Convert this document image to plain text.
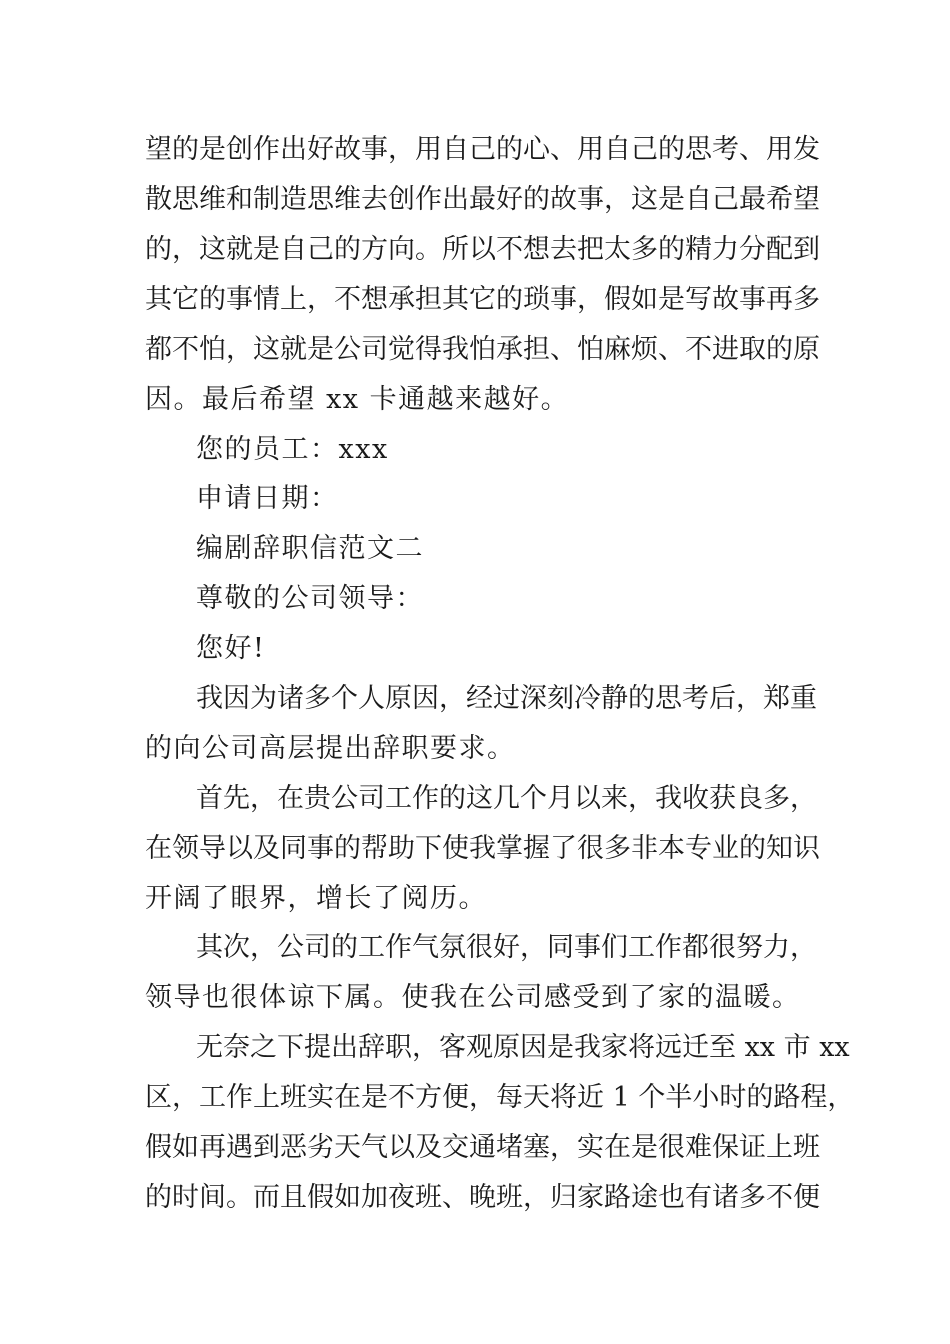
望的是创作出好故事，用自己的心、用自己的思考、用发
散思维和制造思维去创作出最好的故事，这是自己最希望
的，这就是自己的方向。所以不想去把太多的精力分配到
其它的事情上，不想承担其它的琐事，假如是写故事再多
都不怕，这就是公司觉得我怕承担、怕麻烦、不进取的原
因。最后希望 xx 卡通越来越好。
您的员工：xxx
申请日期：
编剧辞职信范文二
尊敬的公司领导：
您好!
我因为诸多个人原因，经过深刻冷静的思考后，郑重
的向公司高层提出辞职要求。
首先，在贵公司工作的这几个月以来，我收获良多，
在领导以及同事的帮助下使我掌握了很多非本专业的知识
开阔了眼界，增长了阅历。
其次，公司的工作气氛很好，同事们工作都很努力，
领导也很体谅下属。使我在公司感受到了家的温暖。
无奈之下提出辞职，客观原因是我家将远迁至 xx 市 xx
区，工作上班实在是不方便，每天将近 1 个半小时的路程，
假如再遇到恶劣天气以及交通堵塞，实在是很难保证上班
的时间。而且假如加夜班、晚班，归家路途也有诸多不便
